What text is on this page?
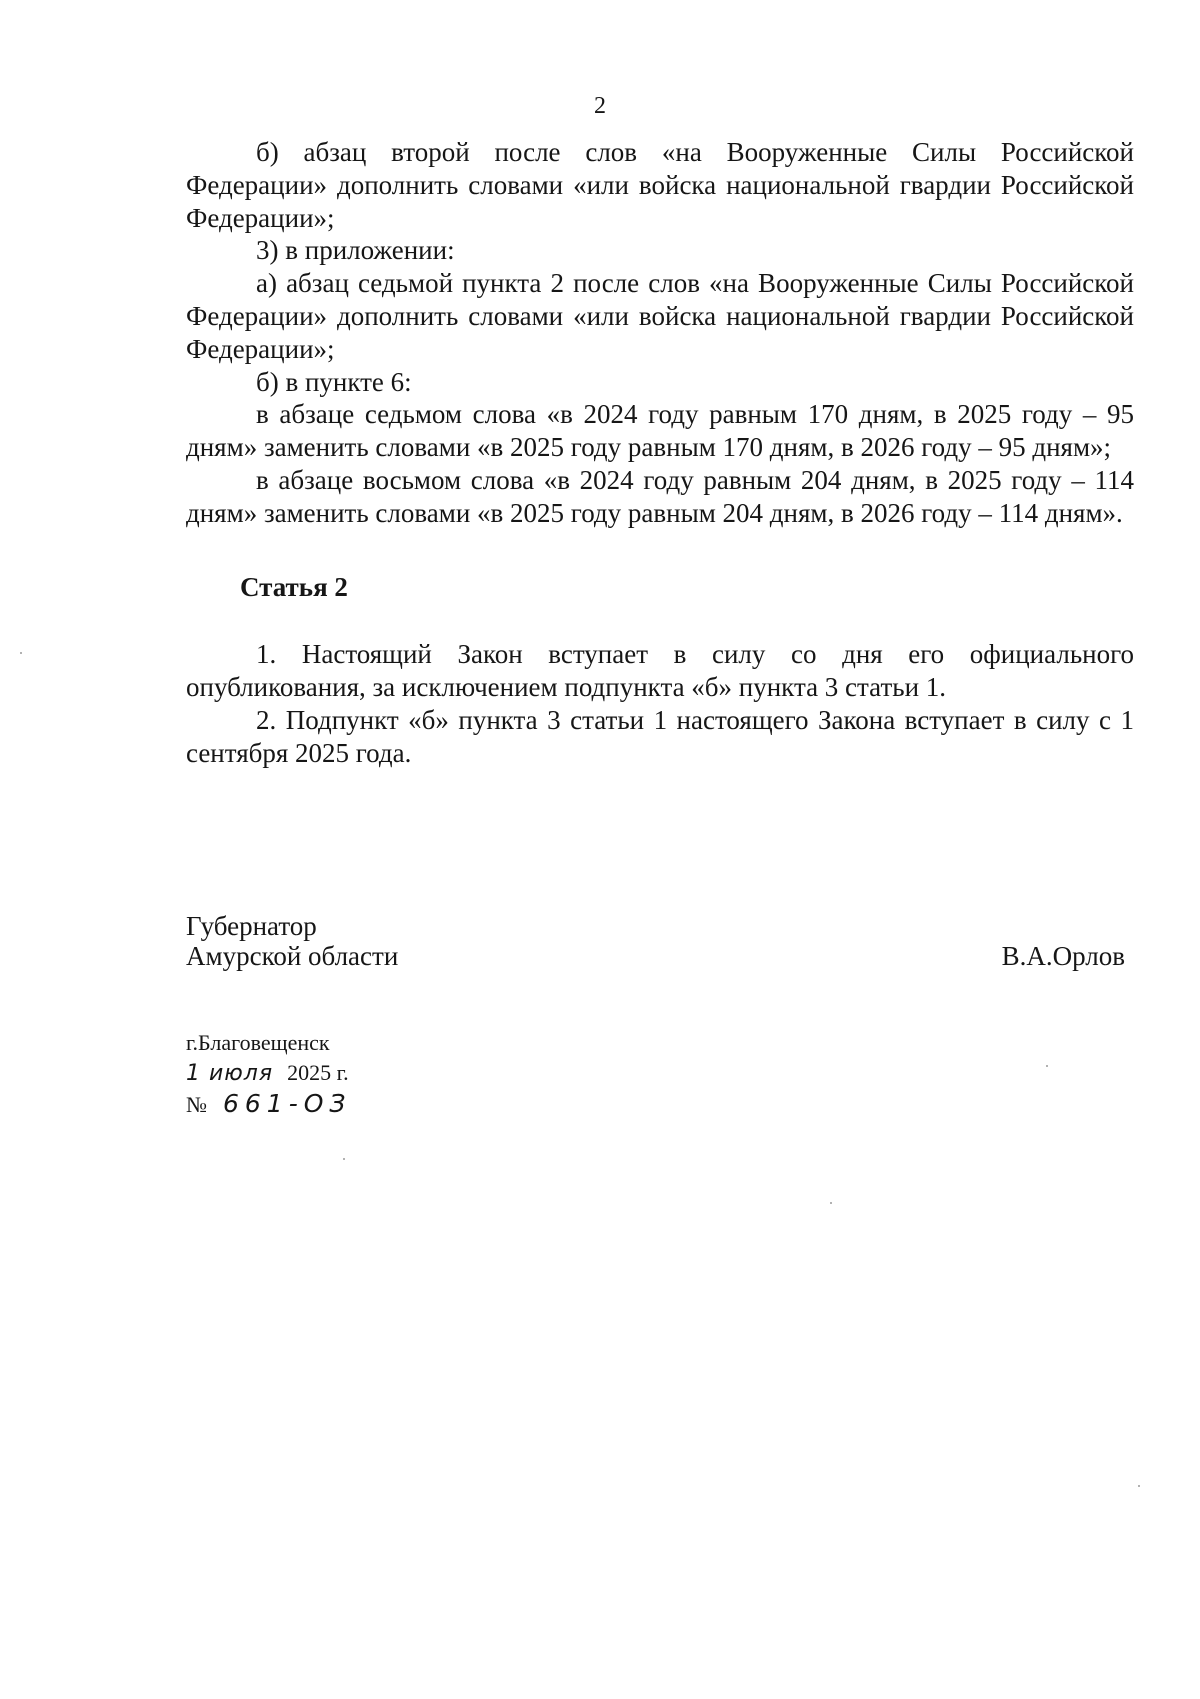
2

б) абзац второй после слов «на Вооруженные Силы Российской Федерации» дополнить словами «или войска национальной гвардии Российской Федерации»;

3) в приложении:

а) абзац седьмой пункта 2 после слов «на Вооруженные Силы Российской Федерации» дополнить словами «или войска национальной гвардии Российской Федерации»;

б) в пункте 6:

в абзаце седьмом слова «в 2024 году равным 170 дням, в 2025 году – 95 дням» заменить словами «в 2025 году равным 170 дням, в 2026 году – 95 дням»;

в абзаце восьмом слова «в 2024 году равным 204 дням, в 2025 году – 114 дням» заменить словами «в 2025 году равным 204 дням, в 2026 году – 114 дням».

Статья 2

1. Настоящий Закон вступает в силу со дня его официального опубликования, за исключением подпункта «б» пункта 3 статьи 1.

2. Подпункт «б» пункта 3 статьи 1 настоящего Закона вступает в силу с 1 сентября 2025 года.

Губернатор
Амурской области	В.А.Орлов
г.Благовещенск
1 июля 2025 г.
№ 661-ОЗ
